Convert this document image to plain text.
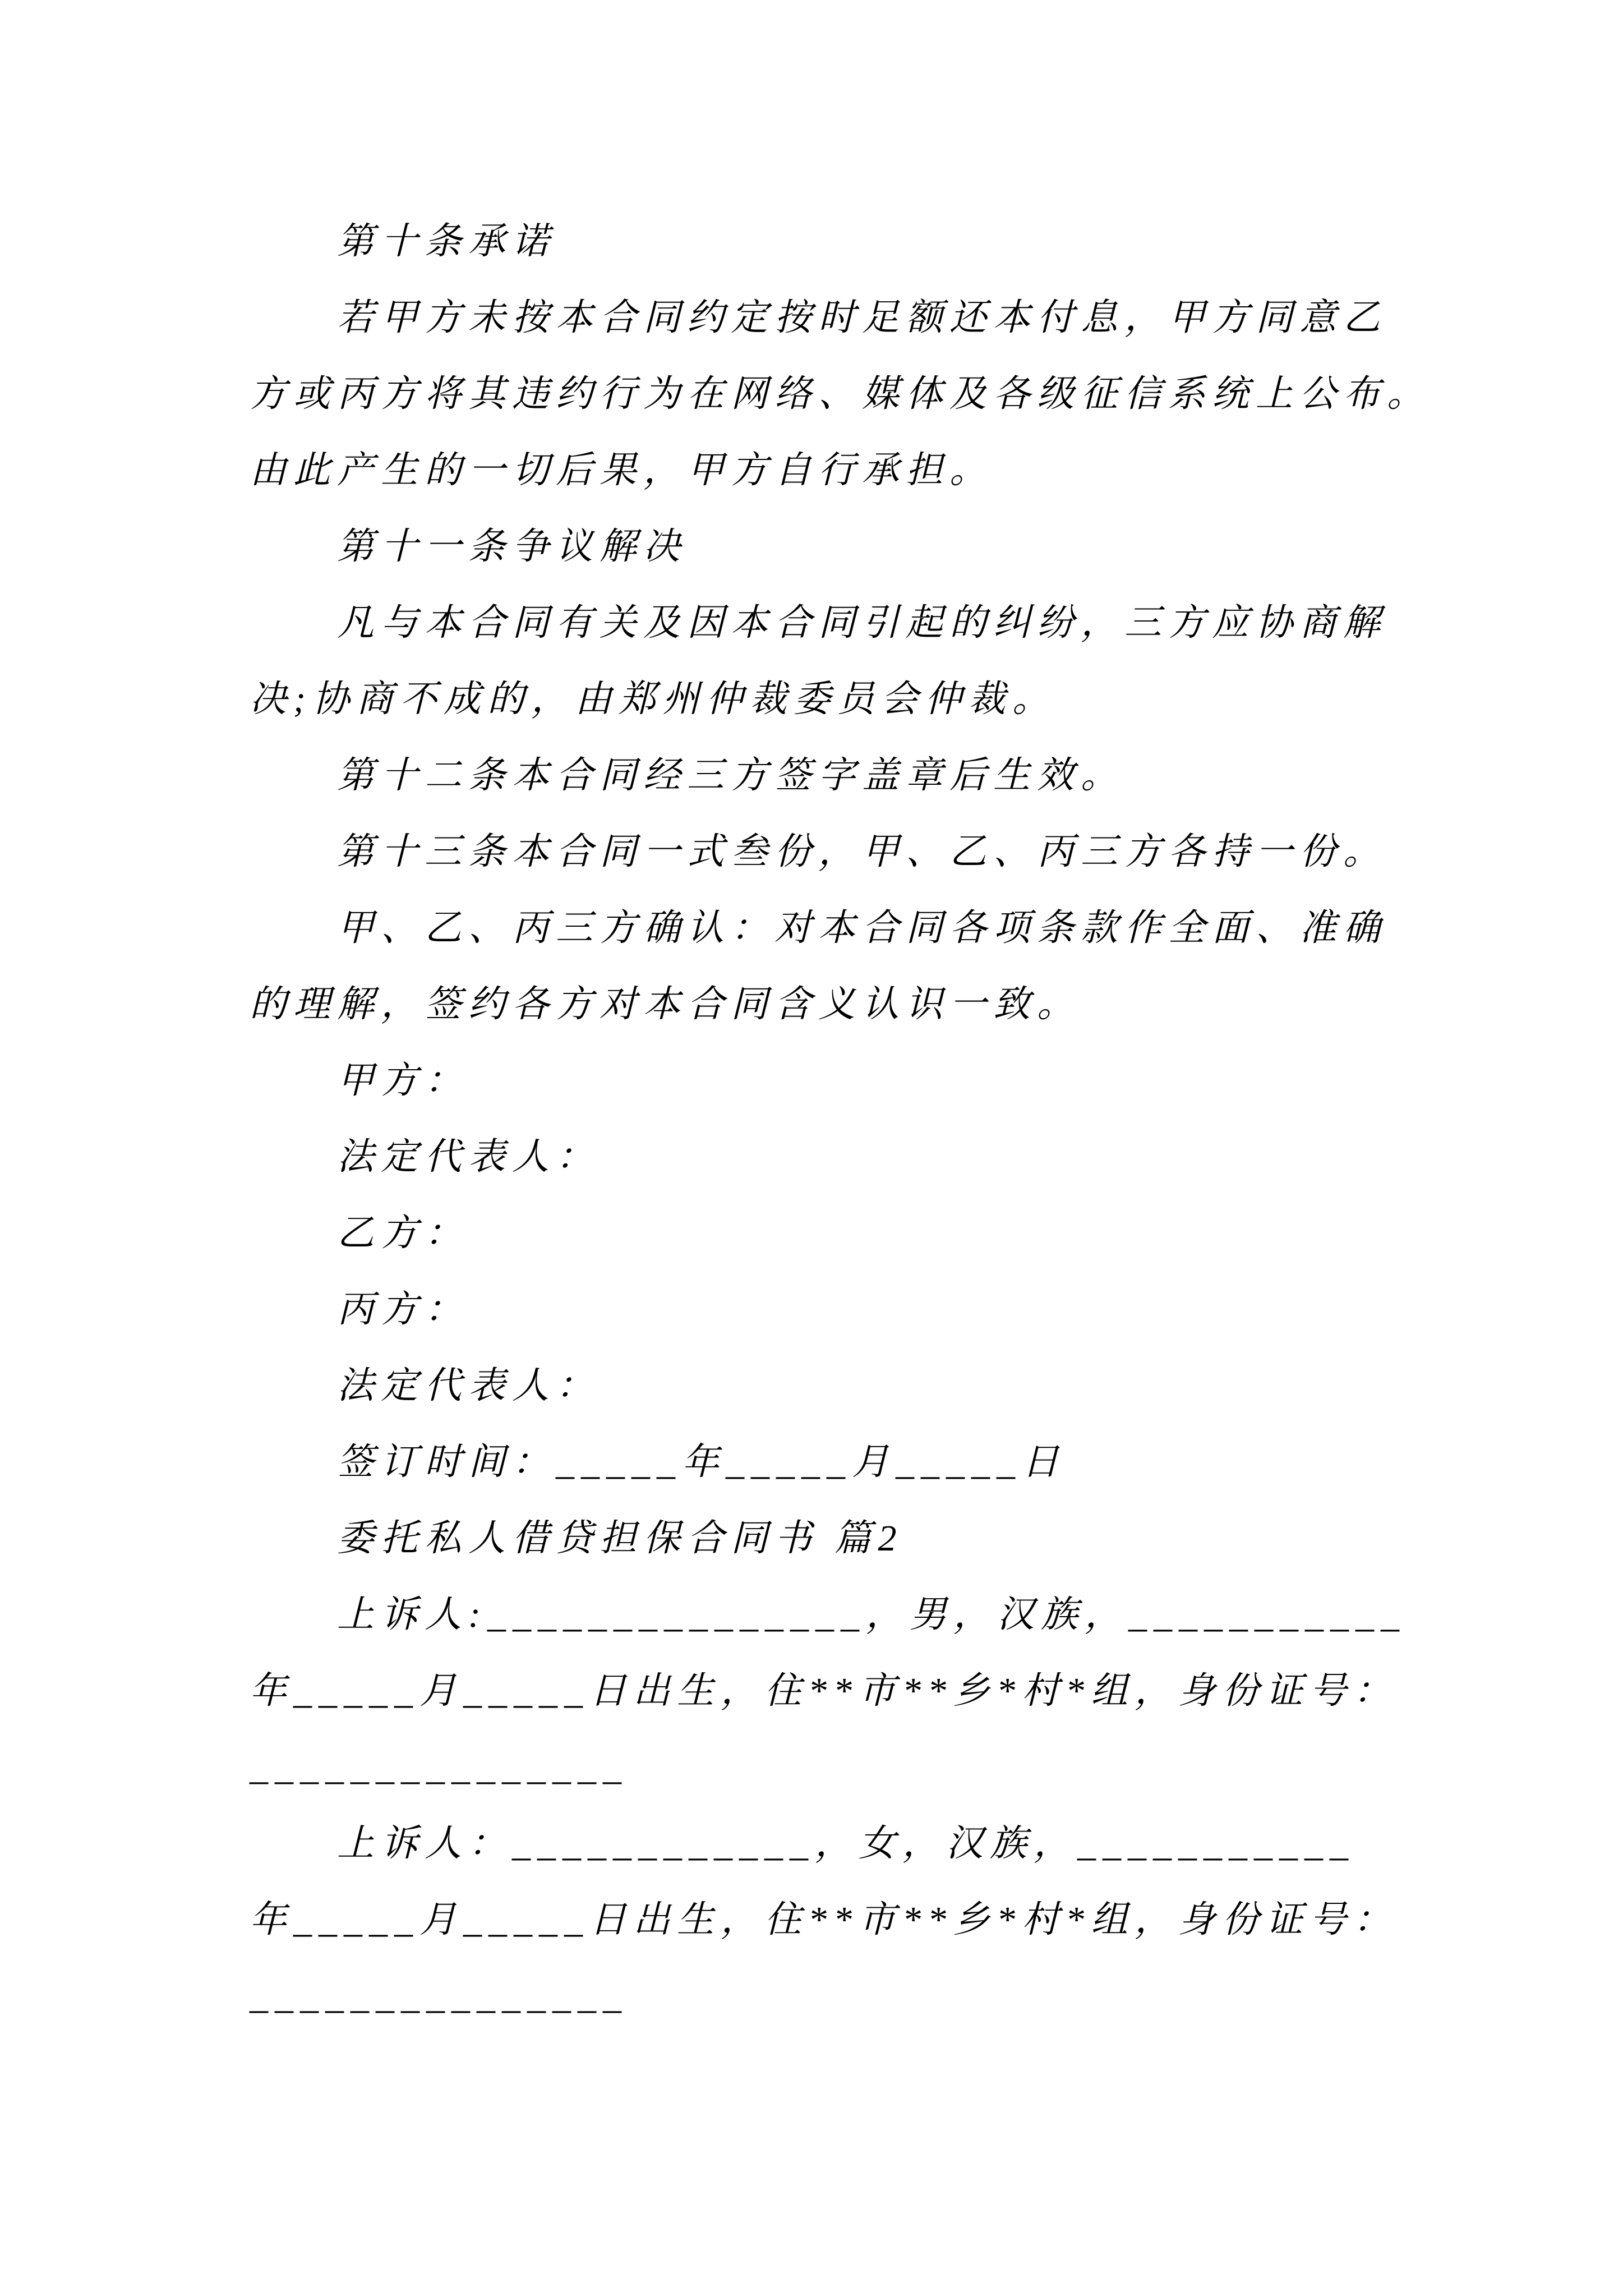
第十条承诺
若甲方未按本合同约定按时足额还本付息，甲方同意乙
方或丙方将其违约行为在网络、媒体及各级征信系统上公布。
由此产生的一切后果，甲方自行承担。
第十一条争议解决
凡与本合同有关及因本合同引起的纠纷，三方应协商解
决;协商不成的，由郑州仲裁委员会仲裁。
第十二条本合同经三方签字盖章后生效。
第十三条本合同一式叁份，甲、乙、丙三方各持一份。
甲、乙、丙三方确认：对本合同各项条款作全面、准确
的理解，签约各方对本合同含义认识一致。
甲方：
法定代表人：
乙方：
丙方：
法定代表人：
签订时间：_____年_____月_____日
委托私人借贷担保合同书 篇2
上诉人:_______________，男，汉族，___________
年_____月_____日出生，住**市**乡*村*组，身份证号：
_______________
上诉人：____________，女，汉族，___________
年_____月_____日出生，住**市**乡*村*组，身份证号：
_______________
